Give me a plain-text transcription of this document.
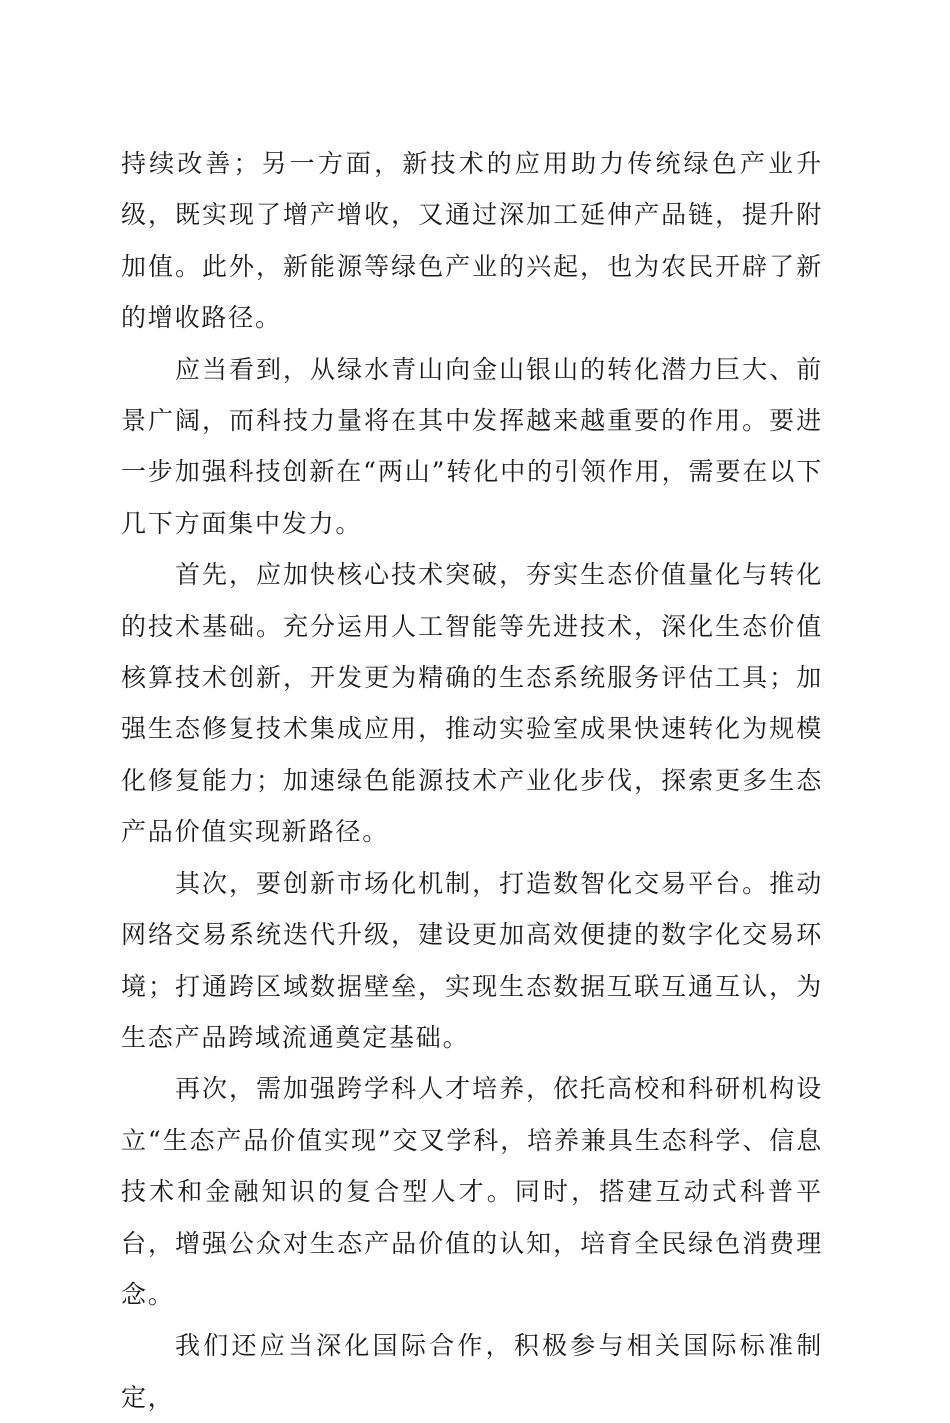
持续改善；另一方面，新技术的应用助力传统绿色产业升级，既实现了增产增收，又通过深加工延伸产品链，提升附加值。此外，新能源等绿色产业的兴起，也为农民开辟了新的增收路径。

应当看到，从绿水青山向金山银山的转化潜力巨大、前景广阔，而科技力量将在其中发挥越来越重要的作用。要进一步加强科技创新在“两山”转化中的引领作用，需要在以下几下方面集中发力。

首先，应加快核心技术突破，夯实生态价值量化与转化的技术基础。充分运用人工智能等先进技术，深化生态价值核算技术创新，开发更为精确的生态系统服务评估工具；加强生态修复技术集成应用，推动实验室成果快速转化为规模化修复能力；加速绿色能源技术产业化步伐，探索更多生态产品价值实现新路径。

其次，要创新市场化机制，打造数智化交易平台。推动网络交易系统迭代升级，建设更加高效便捷的数字化交易环境；打通跨区域数据壁垒，实现生态数据互联互通互认，为生态产品跨域流通奠定基础。

再次，需加强跨学科人才培养，依托高校和科研机构设立“生态产品价值实现”交叉学科，培养兼具生态科学、信息技术和金融知识的复合型人才。同时，搭建互动式科普平台，增强公众对生态产品价值的认知，培育全民绿色消费理念。

我们还应当深化国际合作，积极参与相关国际标准制定，
